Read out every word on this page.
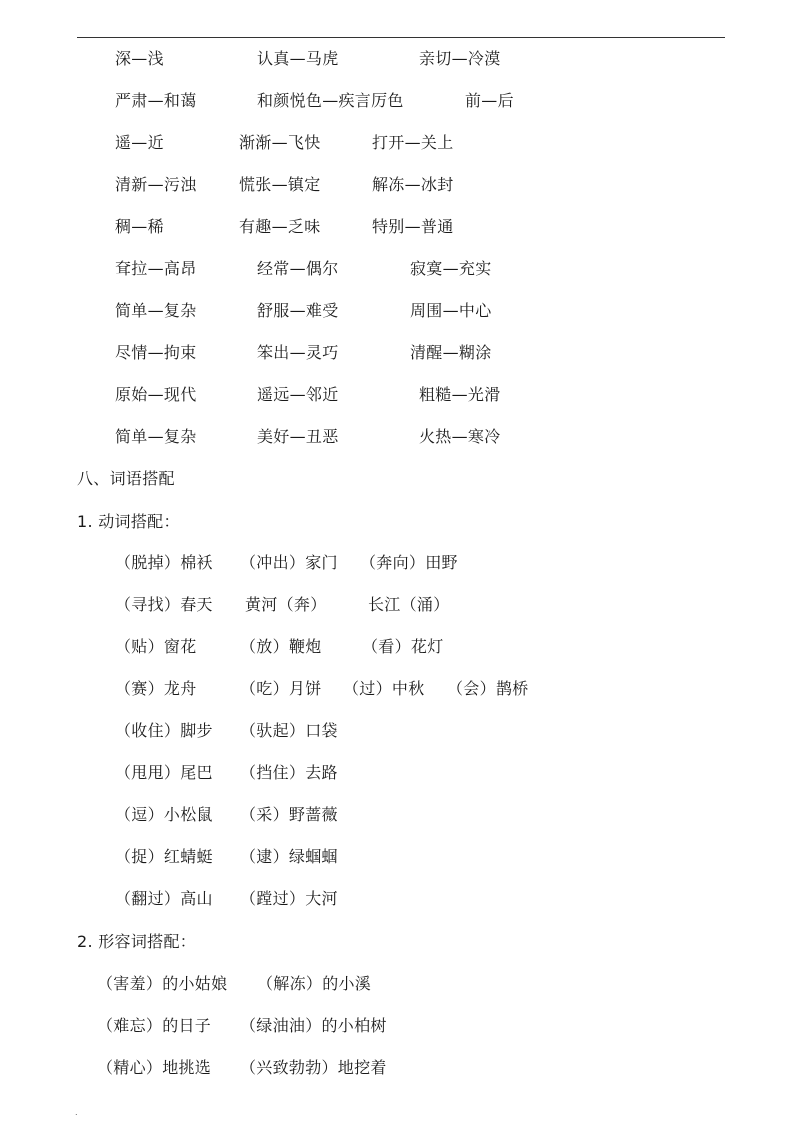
深—浅	认真—马虎	亲切—冷漠
严肃—和蔼	和颜悦色—疾言厉色	前—后
遥—近	渐渐—飞快	打开—关上
清新—污浊	慌张—镇定	解冻—冰封
稠—稀	有趣—乏味	特别—普通
耷拉—高昂	经常—偶尔	寂寞—充实
简单—复杂	舒服—难受	周围—中心
尽情—拘束	笨出—灵巧	清醒—糊涂
原始—现代	遥远—邻近	粗糙—光滑
简单—复杂	美好—丑恶	火热—寒冷
八、词语搭配
1. 动词搭配：
（脱掉）棉袄 （冲出）家门 （奔向）田野
（寻找）春天 黄河（奔）	长江（涌）
（贴）窗花	（放）鞭炮	（看）花灯
（赛）龙舟	（吃）月饼 （过）中秋 （会）鹊桥
（收住）脚步 （驮起）口袋
（甩甩）尾巴 （挡住）去路
（逗）小松鼠 （采）野蔷薇
（捉）红蜻蜓 （逮）绿蝈蝈
（翻过）高山 （蹚过）大河
2. 形容词搭配：
（害羞）的小姑娘 （解冻）的小溪
（难忘）的日子 （绿油油）的小柏树
（精心）地挑选 （兴致勃勃）地挖着
.
